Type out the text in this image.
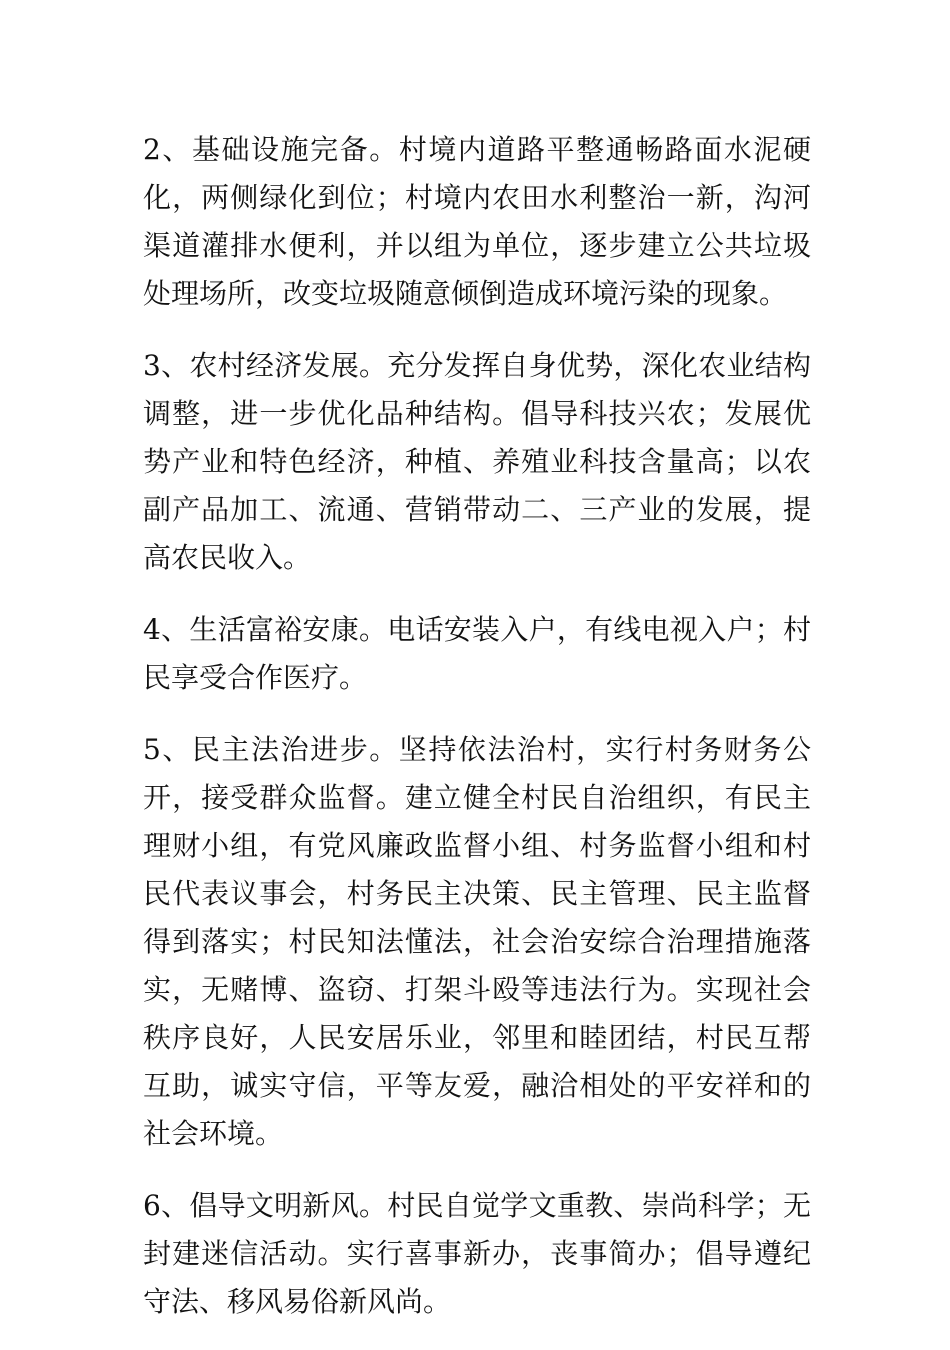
2、基础设施完备。村境内道路平整通畅路面水泥硬化，两侧绿化到位；村境内农田水利整治一新，沟河渠道灌排水便利，并以组为单位，逐步建立公共垃圾处理场所，改变垃圾随意倾倒造成环境污染的现象。

3、农村经济发展。充分发挥自身优势，深化农业结构调整，进一步优化品种结构。倡导科技兴农；发展优势产业和特色经济，种植、养殖业科技含量高；以农副产品加工、流通、营销带动二、三产业的发展，提高农民收入。

4、生活富裕安康。电话安装入户，有线电视入户；村民享受合作医疗。

5、民主法治进步。坚持依法治村，实行村务财务公开，接受群众监督。建立健全村民自治组织，有民主理财小组，有党风廉政监督小组、村务监督小组和村民代表议事会，村务民主决策、民主管理、民主监督得到落实；村民知法懂法，社会治安综合治理措施落实，无赌博、盗窃、打架斗殴等违法行为。实现社会秩序良好，人民安居乐业，邻里和睦团结，村民互帮互助，诚实守信，平等友爱，融洽相处的平安祥和的社会环境。

6、倡导文明新风。村民自觉学文重教、崇尚科学；无封建迷信活动。实行喜事新办，丧事简办；倡导遵纪守法、移风易俗新风尚。
